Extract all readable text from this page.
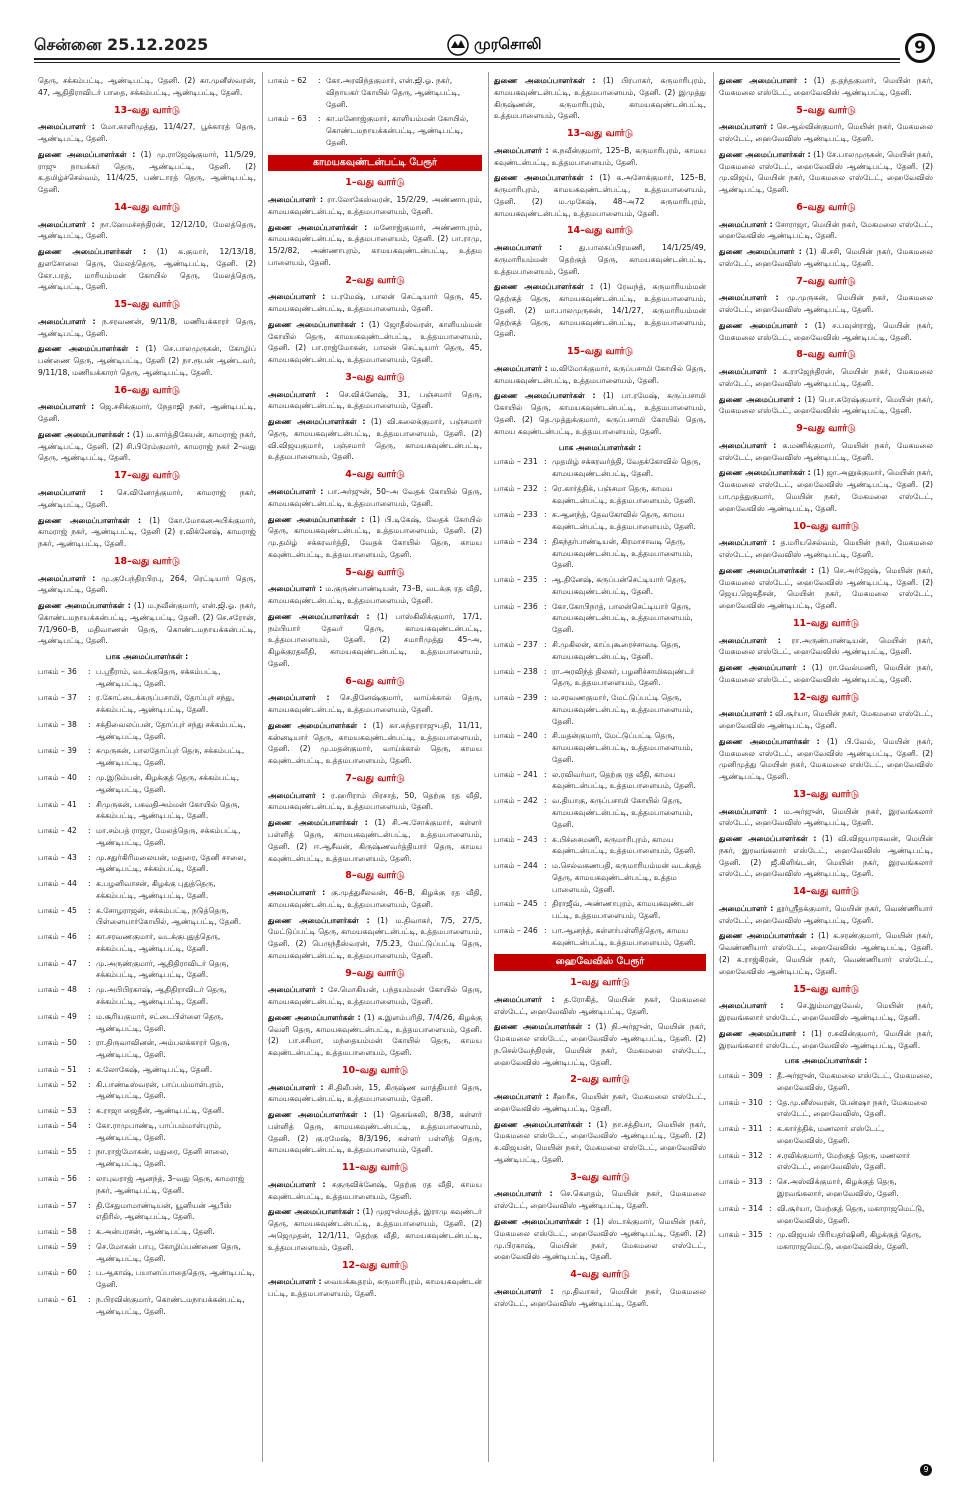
சென்னை 25.12.2025	முரசொலி	9

தெரு, சக்கம்பட்டி, ஆண்டிபட்டி, தேனி. (2) கா.முனீஸ்வரன், 47, ஆதிதிராவிடர் பாதை, சக்கம்பட்டி, ஆண்டிபட்டி, தேனி.

13–வது வார்டு

அமைப்பாளர் : மோ.காளிமுத்து, 11/4/27, பூக்காரத் தெரு, ஆண்டிபட்டி, தேனி.

துணை அமைப்பாளர்கள் : (1) மு.ராஜேஷ்குமார், 11/5/29, ராஜு நாயக்கர் தெரு, ஆண்டிபட்டி, தேனி. (2) க.தமிழ்ச்செல்வம், 11/4/25, பண்டாரத் தெரு, ஆண்டிபட்டி, தேனி.

14–வது வார்டு

அமைப்பாளர் : நா.ஹேமச்சந்திரன், 12/12/10, மேலத்தெரு, ஆண்டிபட்டி, தேனி.

துணை அமைப்பாளர்கள் : (1) க.குமார், 12/13/18, துளசோலை தெரு, மேலத்தெரு, ஆண்டிபட்டி, தேனி. (2) கோ.பரத், மாரியம்மன் கோயில் தெரு, மேலத்தெரு, ஆண்டிபட்டி, தேனி.

15–வது வார்டு

அமைப்பாளர் : ந.சரவணன், 9/11/8, மணியக்காரர் தெரு, ஆண்டிபட்டி, தேனி.

துணை அமைப்பாளர்கள் : (1) செ.பாலமுருகன், கோழிப் பண்ணை தெரு, ஆண்டிபட்டி, தேனி (2) நா.ரூபன் ஆண்டவர், 9/11/18, மணியக்காரர் தெரு, ஆண்டிபட்டி, தேனி.

16–வது வார்டு

அமைப்பாளர் : ஜெ.சசிக்குமார், நேதாஜி நகர், ஆண்டிபட்டி, தேனி.

துணை அமைப்பாளர்கள் : (1) ம.கார்த்திகேயன், காமராஜ் நகர், ஆண்டிபட்டி, தேனி. (2) சி.பிரேம்குமார், காமராஜ் நகர் 2–வது தெரு, ஆண்டிபட்டி, தேனி.

17–வது வார்டு

அமைப்பாளர் : செ.வினோத்குமார், காமராஜ் நகர், ஆண்டிபட்டி, தேனி.

துணை அமைப்பாளர்கள் : (1) கோ.மோகனஅபிக்குமார், காமராஜ் நகர், ஆண்டிபட்டி, தேனி (2) ர.விக்னேஷ், காமராஜ் நகர், ஆண்டிபட்டி, தேனி.

18–வது வார்டு

அமைப்பாளர் : மு.குபேந்திரபிரபு, 264, ரெட்டியார் தெரு, ஆண்டிபட்டி, தேனி.

துணை அமைப்பாளர்கள் : (1) ம.நவீன்குமார், என்.ஜி.ஓ. நகர், கொண்டமநாயக்கன்பட்டி, ஆண்டிபட்டி, தேனி. (2) செ.சரோன், 7/1/960–B, மதிவாணன் தெரு, கொண்டமநாயக்கன்பட்டி, ஆண்டிபட்டி, தேனி.

பாக அமைப்பாளர்கள் :
பாகம் – 36	: ப.ஸ்ரீராம், வடக்குதெரு, சக்கம்பட்டி, ஆண்டிபட்டி, தேனி.
பாகம் – 37	: ர.கோட்டைக்கருப்பசாமி, தோப்புர் சந்து, சக்கம்பட்டி, ஆண்டிபட்டி, தேனி.
பாகம் – 38	: சக்திவைலப்பன், தோப்புர் சந்து சக்கம்பட்டி, ஆண்டிபட்டி, தேனி.
பாகம் – 39	: சுமுருகன், பாலதோப்புர் தெரு, சக்கம்பட்டி, ஆண்டிபட்டி, தேனி.
பாகம் – 40	: மு.இடும்பன், கிழக்குத் தெரு, சக்கம்பட்டி, ஆண்டிபட்டி, தேனி.
பாகம் – 41	: சிமுருகன், பகவதிஅம்மன் கோயில் தெரு, சக்கம்பட்டி, ஆண்டிபட்டி, தேனி.
பாகம் – 42	: மா.சம்பத் ராஜா, மேலத்தெரு, சக்கம்பட்டி, ஆண்டிபட்டி, தேனி.
பாகம் – 43	: மு.சதுர்கிரிமலையன், மதுரை, தேனி சாலை, ஆண்டிபட்டி, சக்கம்பட்டி, தேனி.
பாகம் – 44	: க.பழனிவாசன், கிழக்கு புதுத்தெரு, சக்கம்பட்டி, ஆண்டிபட்டி, தேனி.
பாகம் – 45	: க.சோழராஜன், சக்கம்பட்டி, நடுத்தெரு, பிள்ளையார்கோயில், ஆண்டிபட்டி, தேனி.
பாகம் – 46	: கா.சரவணகுமார், வடக்குபுதுத்தெரு, சக்கம்பட்டி, ஆண்டிபட்டி, தேனி.
பாகம் – 47	: மு.அருண்குமார், ஆதிதிராவிடர் தெரு, சக்கம்பட்டி, ஆண்டிபட்டி, தேனி.
பாகம் – 48	: மு.அபிபிரகாஷ், ஆதிதிராவிடர் தெரு, சக்கம்பட்டி, ஆண்டிபட்டி, தேனி.
பாகம் – 49	: ம.சூரியகுமார், சட்டைபிள்ளை தெரு, ஆண்டிபட்டி, தேனி.
பாகம் – 50	: ரா.திருவாவினன், அம்பலக்காரர் தெரு, ஆண்டிபட்டி, தேனி.
பாகம் – 51	: க.லோகேஷ், ஆண்டிபட்டி, தேனி.
பாகம் – 52	: கி.பாண்டீஸ்வரன், பாப்பம்மாள்புரம், ஆண்டிபட்டி, தேனி.
பாகம் – 53	: க.ராஜா ஜைதீன், ஆண்டிபட்டி, தேனி.
பாகம் – 54	: கோ.ராமுபாண்டி, பாப்பம்மாள்புரம், ஆண்டிபட்டி, தேனி.
பாகம் – 55	: நா.ராஜ்மோகன், மதுரை, தேனி சாலை, ஆண்டிபட்டி, தேனி.
பாகம் – 56	: லாபுவராஜ் ஆனந்த், 3–வது தெரு, காமராஜ் நகர், ஆண்டிபட்டி, தேனி.
பாகம் – 57	: தி.சேதுமாமாண்டியன், யூனியன் ஆபீஸ் எதிரில், ஆண்டிபட்டி, தேனி.
பாகம் – 58	: க.அன்பரசன், ஆண்டிபட்டி, தேனி.
பாகம் – 59	: செ.மோகன் பாபு, கோழிப்பண்ணை தெரு, ஆண்டிபட்டி, தேனி.
பாகம் – 60	: ப.ஆகாஷ், பயானப்பாதைதெரு, ஆண்டிபட்டி, தேனி.
பாகம் – 61	: ந.பிரவின்குமார், கொண்டமநாயக்கன்பட்டி, ஆண்டிபட்டி, தேனி.
பாகம் – 62	: கோ.அரவிந்தகுமார், என்.ஜி.ஓ. நகர், விநாயகர் கோயில் தெரு, ஆண்டிபட்டி, தேனி.
பாகம் – 63	: கா.மனோஜ்குமார், காளியம்மன் கோயில், கொண்டமநாயக்கன்பட்டி, ஆண்டிபட்டி, தேனி.
காமயகவுண்டன்பட்டி பேரூர்
1–வது வார்டு

அமைப்பாளர் : ரா.லோகேஸ்வரன், 15/2/29, அண்ணாபுரம், காமயகவுண்டன்பட்டி, உத்தமபாளையம், தேனி.

துணை அமைப்பாளர்கள் : மனோஜ்குமார், அண்ணாபுரம், காமயகவுண்டன்பட்டி, உத்தமபாளையம், தேனி. (2) பா.ராமு, 15/2/82, அண்ணாபுரம், காமயகவுண்டன்பட்டி, உத்தம பாளையம், தேனி.

2–வது வார்டு

அமைப்பாளர் : ப.ரமேஷ், பாலன் செட்டியார் தெரு, 45, காமயகவுண்டன்பட்டி, உத்தமபாளையம், தேனி.

துணை அமைப்பாளர்கள் : (1) ஜோதீஸ்வரன், காளியம்மன் கோயில் தெரு, காமயகவுண்டன்பட்டி, உத்தமபாளையம், தேனி. (2) பா.ராஜ்மோகன், பாலன் செட்டியார் தெரு, 45, காமயகவுண்டன்பட்டி, உத்தமபாளையம், தேனி.

3–வது வார்டு

அமைப்பாளர் : செ.விக்னேஷ், 31, பஞ்சமார் தெரு, காமயகவுண்டன்பட்டி, உத்தமபாளையம், தேனி.

துணை அமைப்பாளர்கள் : (1) வி.கலைக்குமார், பஞ்சமார் தெரு, காமயகவுண்டன்பட்டி, உத்தமபாளையம், தேனி. (2) வி.விஜயகுமார், பஞ்சமார் தெரு, காமயகவுண்டன்பட்டி, உத்தமபாளையம், தேனி.

4–வது வார்டு

அமைப்பாளர் : பா.அர்ஜுன், 50–அ வேதக் கோயில் தெரு, காமயகவுண்டன்பட்டி, உத்தமபாளையம், தேனி.

துணை அமைப்பாளர்கள் : (1) பி.டிகேஷ், வேதக் கோயில் தெரு, காமயகவுண்டன்பட்டி, உத்தமபாளையம், தேனி. (2) மு.தமிழ் சக்கரவர்த்தி, வேதக் கோயில் தெரு, காமய கவுண்டன்பட்டி, உத்தமபாளையம், தேனி.

5–வது வார்டு

அமைப்பாளர் : ம.குருண்பாண்டியன், 73–B, வடக்கு ரத வீதி, காமயகவுண்டன்பட்டி, உத்தமபாளையம், தேனி.

துணை அமைப்பாளர்கள் : (1) பாஸ்கிலிக்குமார், 17/1, நம்பியார் தேவர் தெரு, காமயகவுண்டன்பட்டி, உத்தமபாளையம், தேனி. (2) சமாரிமுத்து 45–அ, கிழக்குரதவீதி, காமயகவுண்டன்பட்டி, உத்தமபாளையம், தேனி.

6–வது வார்டு

அமைப்பாளர் : செ.தினேஷ்குமார், வாய்க்கால் தெரு, காமயகவுண்டன்பட்டி, உத்தமபாளையம், தேனி.

துணை அமைப்பாளர்கள் : (1) கா.சுந்தரராஜுபதி, 11/11, கன்னடியார் தெரு, காமயகவுண்டன்பட்டி, உத்தமபாளையம், தேனி. (2) மு.மதன்குமார், வாய்க்கால் தெரு, காமய கவுண்டன்பட்டி, உத்தமபாளையம், தேனி.

7–வது வார்டு

அமைப்பாளர் : ர.ஹரிராம் பிரசாத், 50, தெற்கு ரத வீதி, காமயகவுண்டன்பட்டி, உத்தமபாளையம், தேனி.

துணை அமைப்பாளர்கள் : (1) சி.அ.சோக்குமார், கள்ளர் பள்ளித் தெரு, காமயகவுண்டன்பட்டி, உத்தமபாளையம், தேனி. (2) ஈ.ஆசீவன், கிருஷ்ணவர்த்தியார் தெரு, காமய கவுண்டன்பட்டி, உத்தமபாளையம், தேனி.

8–வது வார்டு

அமைப்பாளர் : கு.முத்துசீலவன், 46–B, கிழக்கு ரத வீதி, காமயகவுண்டன்பட்டி, உத்தமபாளையம், தேனி.

துணை அமைப்பாளர்கள் : (1) ம.திவாகர், 7/5, 27/5, மேட்டுப்பட்டி தெரு, காமயகவுண்டன்பட்டி, உத்தமபாளையம், தேனி. (2) பெருந்தீஸ்வரன், 7/5.23, மேட்டுப்பட்டி தெரு, காமயகவுண்டன்பட்டி, உத்தமபாளையம், தேனி.

9–வது வார்டு

அமைப்பாளர் : சே.மொகியன், பந்தயம்மன் கோயில் தெரு, காமயகவுண்டன்பட்டி, உத்தமபாளையம், தேனி.

துணை அமைப்பாளர்கள் : (1) க.இளம்பரிதி, 7/4/26, கிழக்கு வெளி தெரு, காமயகவுண்டன்பட்டி, உத்தமபாளையம், தேனி. (2) பா.சசிமா, மந்தையம்மன் கோயில் தெரு, காமய கவுண்டன்பட்டி, உத்தமபாளையம், தேனி.

10–வது வார்டு

அமைப்பாளர் : சி.திலீபன், 15, கிருஷ்ண வாத்தியார் தெரு, காமயகவுண்டன்பட்டி, உத்தமபாளையம், தேனி.

துணை அமைப்பாளர்கள் : (1) தெகங்கலி, 8/38, கள்ளர் பள்ளித் தெரு, காமயகவுண்டன்பட்டி, உத்தமபாளையம், தேனி. (2) கு.ரமேஷ், 8/3/196, கள்ளர் பள்ளித் தெரு, காமயகவுண்டன்பட்டி, உத்தமபாளையம், தேனி.

11–வது வார்டு

அமைப்பாளர் : சகுருவிக்னேஷ், தெற்கு ரத வீதி, காமய கவுண்டன்பட்டி, உத்தமபாளையம், தேனி.

துணை அமைப்பாளர்கள் : (1) முஜுஸ்மத்த், இராமு கவுண்டர் தெரு, காமயகவுண்டன்பட்டி, உத்தமபாளையம், தேனி. (2) அஜெமுதன், 12/1/11, தெற்கு வீதி, காமயகவுண்டன்பட்டி, உத்தமபாளையம், தேனி.

12–வது வார்டு

அமைப்பாளர் : வையக்கூதரம், கருமாரிபுரம், காமயகவுண்டன் பட்டி, உத்தமபாளையம், தேனி.

துணை அமைப்பாளர்கள் : (1) பிரபாகர், கருமாரிபுரம், காமயகவுண்டன்பட்டி, உத்தமபாளையம், தேனி. (2) இமுத்து கிருஷ்ணன், கருமாரிபுரம், காமயகவுண்டன்பட்டி, உத்தமபாளையம், தேனி.

13–வது வார்டு

அமைப்பாளர் : க.நவீன்குமார், 125–B, கருமாரிபுரம், காமய கவுண்டன்பட்டி, உத்தமபாளையம், தேனி.

துணை அமைப்பாளர்கள் : (1) க.அசோக்குமார், 125–B, கருமாரிபுரம், காமயகவுண்டன்பட்டி, உத்தமபாளையம், தேனி. (2) ம.முகேஷ், 48–அ72 கருமாரிபுரம், காமயகவுண்டன்பட்டி, உத்தமபாளையம், தேனி.

14–வது வார்டு

அமைப்பாளர் : து.பாலசுப்பிரமணி, 14/1/25/49, கருமாரியம்மன் தெற்குத் தெரு, காமயகவுண்டன்பட்டி, உத்தமபாளையம், தேனி.

துணை அமைப்பாளர்கள் : (1) ரேவந்த், கருமாரியம்மன் தெற்குத் தெரு, காமயகவுண்டன்பட்டி, உத்தமபாளையம், தேனி. (2) மா.பாலமுருகன், 14/1/27, கருமாரியம்மன் தெற்குத் தெரு, காமயகவுண்டன்பட்டி, உத்தமபாளையம், தேனி.

15–வது வார்டு

அமைப்பாளர் : ம.விமோக்குமார், கருப்பசாமி கோயில் தெரு, காமயகவுண்டன்பட்டி, உத்தமபாளையம், தேனி.

துணை அமைப்பாளர்கள் : (1) பா.ரமேஷ், கருப்பசாமி கோயில் தெரு, காமயகவுண்டன்பட்டி, உத்தமபாளையம், தேனி. (2) தெ.முத்துக்குமார், கருப்பசாமி கோயில் தெரு, காமய கவுண்டன்பட்டி, உத்தமபாளையம், தேனி.

பாக அமைப்பாளர்கள் :
பாகம் – 231 : முதமிழ் சக்கரவர்த்தி, வேதக்கோவில் தெரு, காமயகவுண்டன்பட்டி, தேனி.
பாகம் – 232 : ரெ.கார்த்திக், பஞ்சமா தெரு, காமய கவுண்டன்பட்டி, உத்தமபாளையம், தேனி.
பாகம் – 233 : சு.ஆனந்த், தேவகோவில் தெரு, காமய கவுண்டன்பட்டி, உத்தமபாளையம், தேனி.
பாகம் – 234 : திகந்தர்பாண்டியன், கிரமாசாவடி தெரு, காமயகவுண்டன்பட்டி, உத்தமபாளையம், தேனி.
பாகம் – 235 : ஆ.தினேஷ், கருப்பன்செட்டியார் தெரு, காமயகவுண்டன்பட்டி, தேனி.
பாகம் – 236 : கோ.கோபிநாத், பாலன்செட்டியார் தெரு, காமயகவுண்டன்பட்டி, உத்தமபாளையம், தேனி.
பாகம் – 237 : சி.முகிலன், காப்புகூரைச்சாவடி தெரு, காமயகவுண்டன்பட்டி, தேனி.
பாகம் – 238 : ரா.அரவிந்த் திலகர், பழனிச்சாமிகவுண்டர் தெரு, உத்தமபாளையம், தேனி.
பாகம் – 239 : ம.சரவணகுமார், மேட்டுப்பட்டி தெரு, காமயகவுண்டன்பட்டி, உத்தமபாளையம், தேனி.
பாகம் – 240 : சி.மதன்குமார், மேட்டுப்பட்டி தெரு, காமயகவுண்டன்பட்டி, உத்தமபாளையம், தேனி.
பாகம் – 241 : ல.ரவிவர்மா, தெற்கு ரத வீதி, காமய கவுண்டன்பட்டி, உத்தமபாளையம், தேனி.
பாகம் – 242 : வ.தியாகு, கருப்பசாமி கோயில் தெரு, காமயகவுண்டன்பட்டி, உத்தமபாளையம், தேனி.
பாகம் – 243 : சு.பிச்சைமணி, கருமாரிபுரம், காமய கவுண்டன்பட்டி, உத்தமபாளையம், தேனி.
பாகம் – 244 : ம.செல்வகணபதி, கருமாரியம்மன் வடக்குத் தெரு, காமயகவுண்டன்பட்டி, உத்தம பாளையம், தேனி.
பாகம் – 245 : திராஜீவ், அண்ணாபுரம், காமயகவுண்டன் பட்டி, உத்தமபாளையம், தேனி.
பாகம் – 246 : பா.ஆனந்த், கள்ளர்பள்ளித்தெரு, காமய கவுண்டன்பட்டி, உத்தமபாளையம், தேனி.
ஹைவேவிஸ் பேரூர்
1–வது வார்டு

அமைப்பாளர் : த.ரோகித், மெயின் நகர், மேகமலை எஸ்டேட், ஹைவேவிஸ் ஆண்டிபட்டி, தேனி.

துணை அமைப்பாளர்கள் : (1) நி.அர்ஜுன், மெயின் நகர், மேகமலை எஸ்டேட், ஹைவேவிஸ் ஆண்டிபட்டி, தேனி. (2) ந.செல்வேந்திரன், மெயின் நகர், மேகமலை எஸ்டேட், ஹைவேவிஸ் ஆண்டிபட்டி, தேனி.

2–வது வார்டு

அமைப்பாளர் : சீஹரீசு, மெயின் நகர், மேகமலை எஸ்டேட், ஹைவேவிஸ் ஆண்டிபட்டி, தேனி.

துணை அமைப்பாளர்கள் : (1) நா.சத்தியா, மெயின் நகர், மேகமலை எஸ்டேட், ஹைவேவிஸ் ஆண்டிபட்டி, தேனி. (2) சு.விஜயன், மெயின் நகர், மேகமலை எஸ்டேட், ஹைவேவிஸ் ஆண்டிபட்டி, தேனி.

3–வது வார்டு

அமைப்பாளர் : செ.கௌதம், மெயின் நகர், மேகமலை எஸ்டேட், ஹைவேவிஸ் ஆண்டிபட்டி, தேனி.

துணை அமைப்பாளர்கள் : (1) ஸ்டாக்குமார், மெயின் நகர், மேகமலை எஸ்டேட், ஹைவேவிஸ் ஆண்டிபட்டி, தேனி. (2) மு.பிரகாஷ், மெயின் நகர், மேகமலை எஸ்டேட், ஹைவேவிஸ் ஆண்டிபட்டி, தேனி.

4–வது வார்டு

அமைப்பாளர் : மு.திவாகர், மெயின் நகர், மேகமலை எஸ்டேட், ஹைவேவிஸ் ஆண்டிபட்டி, தேனி.

துணை அமைப்பாளர் : (1) த.தந்தகுமார், மெயின் நகர், மேகமலை எஸ்டேட், ஹைவேவிஸ் ஆண்டிபட்டி, தேனி.

5–வது வார்டு

அமைப்பாளர் : செ.ஆல்வின்குமார், மெயின் நகர், மேகமலை எஸ்டேட், ஹைவேவிஸ் ஆண்டிபட்டி, தேனி.

துணை அமைப்பாளர்கள் : (1) சே.பாலமுருகன், மெயின் நகர், மேகமலை எஸ்டேட், ஹைவேவிஸ் ஆண்டிபட்டி, தேனி. (2) மு.விஜய், மெயின் நகர், மேகமலை எஸ்டேட், ஹைவேவிஸ் ஆண்டிபட்டி, தேனி.

6–வது வார்டு

அமைப்பாளர் : சோராஜா, மெயின் நகர், மேகமலை எஸ்டேட், ஹைவேவிஸ் ஆண்டிபட்டி, தேனி.

துணை அமைப்பாளர் : (1) கி.சசி, மெயின் நகர், மேகமலை எஸ்டேட், ஹைவேவிஸ் ஆண்டிபட்டி, தேனி.

7–வது வார்டு

அமைப்பாளர் : மு.முருகன், மெயின் நகர், மேகமலை எஸ்டேட், ஹைவேவிஸ் ஆண்டிபட்டி, தேனி.

துணை அமைப்பாளர் : (1) ச.பவுன்ராஜ், மெயின் நகர், மேகமலை எஸ்டேட், ஹைவேவிஸ் ஆண்டிபட்டி, தேனி.

8–வது வார்டு

அமைப்பாளர் : க.ராஜேந்திரன், மெயின் நகர், மேகமலை எஸ்டேட், ஹைவேவிஸ் ஆண்டிபட்டி, தேனி.

துணை அமைப்பாளர் : (1) பொ.சுரேஷ்குமார், மெயின் நகர், மேகமலை எஸ்டேட், ஹைவேவிஸ் ஆண்டிபட்டி, தேனி.

9–வது வார்டு

அமைப்பாளர் : க.மணிக்குமார், மெயின் நகர், மேகமலை எஸ்டேட், ஹைவேவிஸ் ஆண்டிபட்டி, தேனி.

துணை அமைப்பாளர்கள் : (1) ஜா.அனுக்குமார், மெயின் நகர், மேகமலை எஸ்டேட், ஹைவேவிஸ் ஆண்டிபட்டி, தேனி. (2) பா.முத்துகுமார், மெயின் நகர், மேகமலை எஸ்டேட், ஹைவேவிஸ் ஆண்டிபட்டி, தேனி.

10–வது வார்டு

அமைப்பாளர் : த.மரியசெல்வம், மெயின் நகர், மேகமலை எஸ்டேட், ஹைவேவிஸ் ஆண்டிபட்டி, தேனி.

துணை அமைப்பாளர்கள் : (1) செ.அர்ஜேஷ், மெயின் நகர், மேகமலை எஸ்டேட், ஹைவேவிஸ் ஆண்டிபட்டி, தேனி. (2) ஜெய.ஜெகதீசன், மெயின் நகர், மேகமலை எஸ்டேட், ஹைவேவிஸ் ஆண்டிபட்டி, தேனி.

11–வது வார்டு

அமைப்பாளர் : ரா.அருண்பாண்டியன், மெயின் நகர், மேகமலை எஸ்டேட், ஹைவேவிஸ் ஆண்டிபட்டி, தேனி.

துணை அமைப்பாளர் : (1) ரா.வேல்மணி, மெயின் நகர், மேகமலை எஸ்டேட், ஹைவேவிஸ் ஆண்டிபட்டி, தேனி.

12–வது வார்டு

அமைப்பாளர் : வி.சூர்யா, மெயின் நகர், மேகமலை எஸ்டேட், ஹைவேவிஸ் ஆண்டிபட்டி, தேனி.

துணை அமைப்பாளர்கள் : (1) பி.வேல், மெயின் நகர், மேகமலை எஸ்டேட், ஹைவேவிஸ் ஆண்டிபட்டி, தேனி. (2) முனிமுத்து மெயின் நகர், மேகமலை எஸ்டேட், ஹைவேவிஸ் ஆண்டிபட்டி, தேனி.

13–வது வார்டு

அமைப்பாளர் : ம.அர்ஜுன், மெயின் நகர், இரவங்கலார் எஸ்டேட், ஹைவேவிஸ் ஆண்டிபட்டி, தேனி.

துணை அமைப்பாளர்கள் : (1) வி.விஜயாரகவன், மெயின் நகர், இரவங்கலார் எஸ்டேட், ஹைவேவிஸ் ஆண்டிபட்டி, தேனி. (2) ஜீ.கிளிங்டன், மெயின் நகர், இரவங்கலார் எஸ்டேட், ஹைவேவிஸ் ஆண்டிபட்டி, தேனி.

14–வது வார்டு

அமைப்பாளர் : தூர்ஸ்ரீதக்குமார், மெயின் நகர், வெண்ணியார் எஸ்டேட், ஹைவேவிஸ் ஆண்டிபட்டி, தேனி.

துணை அமைப்பாளர்கள் : (1) க.சரண்குமார், மெயின் நகர், வெண்ணியார் எஸ்டேட், ஹைவேவிஸ் ஆண்டிபட்டி, தேனி. (2) சு.ராஜ்கிரன், மெயின் நகர், வெண்ணியார் எஸ்டேட், ஹைவேவிஸ் ஆண்டிபட்டி, தேனி.

15–வது வார்டு

அமைப்பாளர் : செ.இம்மானுவேல், மெயின் நகர், இரவங்கலார் எஸ்டேட், ஹைவேவிஸ் ஆண்டிபட்டி, தேனி.

துணை அமைப்பாளர் : (1) ர.சுவின்குமார், மெயின் நகர், இரவங்கலார் எஸ்டேட், ஹைவேவிஸ் ஆண்டிபட்டி, தேனி.

பாக அமைப்பாளர்கள் :
பாகம் – 309 : தீ.அர்ஜுன், மேகமலை எஸ்டேட், மேகமலை, ஹைவேவிஸ், தேனி.
பாகம் – 310 : தே.மு.னீஸ்வரன், பேன்ஷா நகர், மேகமலை எஸ்டேட், ஹைவேவிஸ், தேனி.
பாகம் – 311 : க.கார்த்திக், மணலார் எஸ்டேட், ஹைவேவிஸ், தேனி.
பாகம் – 312 : ச.ரவிக்குமார், மேற்குத் தெரு, மணலார் எஸ்டேட், ஹைவேவிஸ், தேனி.
பாகம் – 313 : செ.அஸ்விக்குமார், கிழக்குத் தெரு, இரவங்கலார், ஹைவேவிஸ், தேனி.
பாகம் – 314 : வி.சூர்யா, மேற்குத் தெரு, மகாராஜமெட்டு, ஹைவேவிஸ், தேனி.
பாகம் – 315 : மு.விஜயல் பிரியதர்ஷினி, கிழக்குத் தெரு, மகாராஜமெட்டு, ஹைவேவிஸ், தேனி.
9
